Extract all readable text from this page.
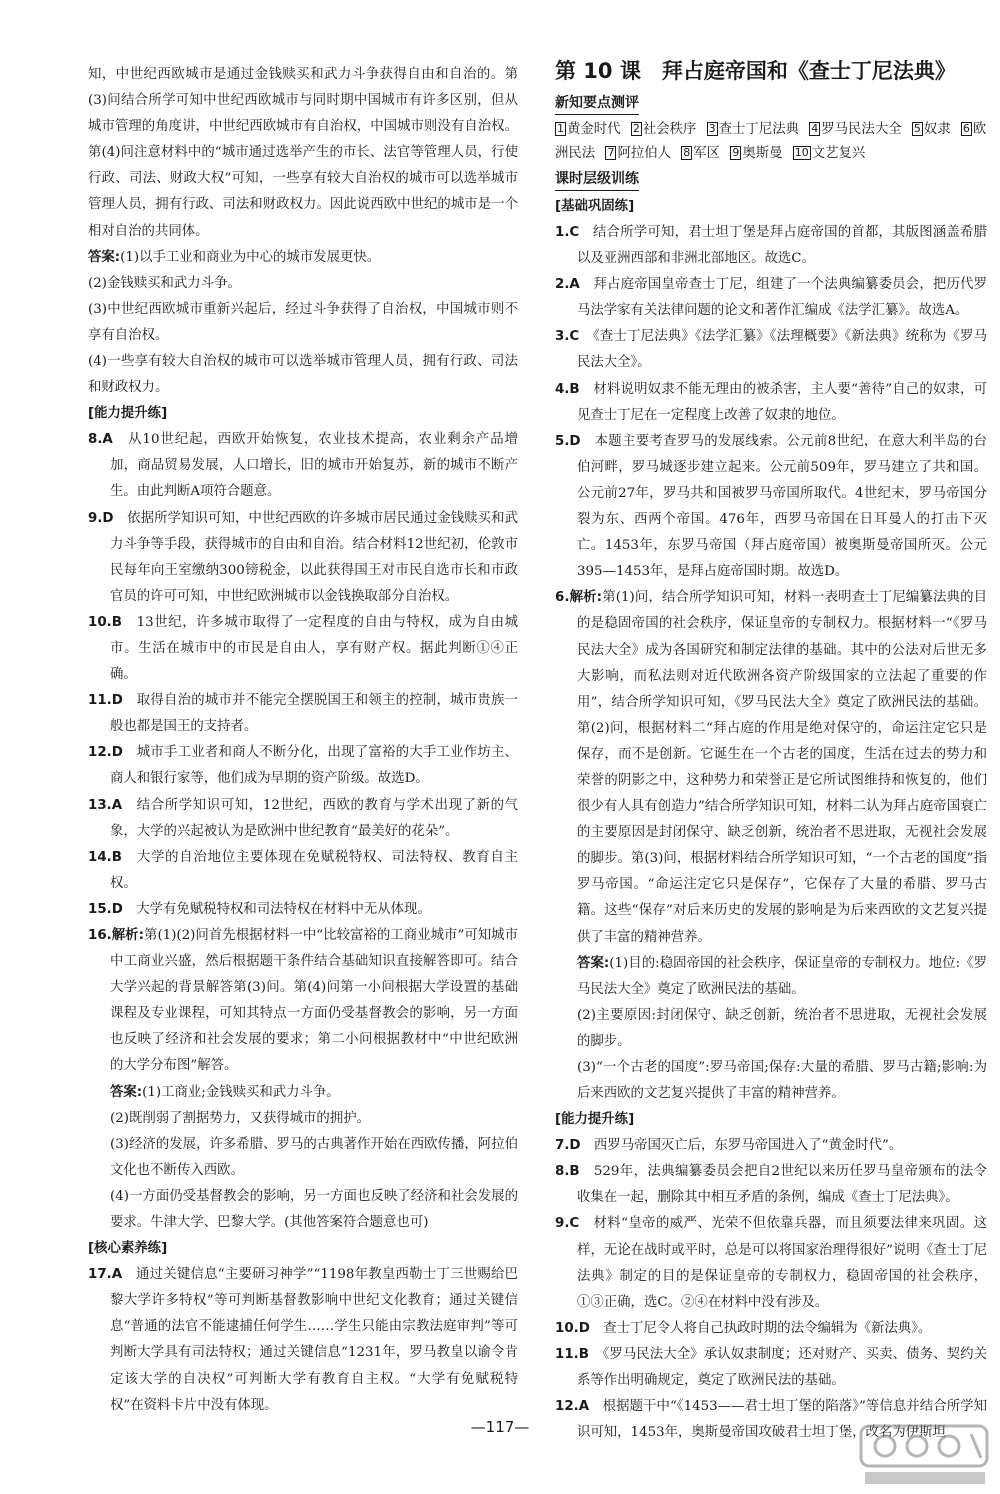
知，中世纪西欧城市是通过金钱赎买和武力斗争获得自由和自治的。第(3)问结合所学可知中世纪西欧城市与同时期中国城市有许多区别，但从城市管理的角度讲，中世纪西欧城市有自治权，中国城市则没有自治权。第(4)问注意材料中的“城市通过选举产生的市长、法官等管理人员，行使行政、司法、财政大权”可知，一些享有较大自治权的城市可以选举城市管理人员，拥有行政、司法和财政权力。因此说西欧中世纪的城市是一个相对自治的共同体。

答案:(1)以手工业和商业为中心的城市发展更快。

(2)金钱赎买和武力斗争。

(3)中世纪西欧城市重新兴起后，经过斗争获得了自治权，中国城市则不享有自治权。

(4)一些享有较大自治权的城市可以选举城市管理人员，拥有行政、司法和财政权力。

[能力提升练]

8.A　 从10世纪起，西欧开始恢复，农业技术提高，农业剩余产品增加，商品贸易发展，人口增长，旧的城市开始复苏，新的城市不断产生。由此判断A项符合题意。

9.D　 依据所学知识可知，中世纪西欧的许多城市居民通过金钱赎买和武力斗争等手段，获得城市的自由和自治。结合材料12世纪初，伦敦市民每年向王室缴纳300镑税金，以此获得国王对市民自选市长和市政官员的许可可知，中世纪欧洲城市以金钱换取部分自治权。

10.B　 13世纪，许多城市取得了一定程度的自由与特权，成为自由城市。生活在城市中的市民是自由人，享有财产权。据此判断①④正确。

11.D　 取得自治的城市并不能完全摆脱国王和领主的控制，城市贵族一般也都是国王的支持者。

12.D　 城市手工业者和商人不断分化，出现了富裕的大手工业作坊主、商人和银行家等，他们成为早期的资产阶级。故选D。

13.A　 结合所学知识可知，12世纪，西欧的教育与学术出现了新的气象，大学的兴起被认为是欧洲中世纪教育“最美好的花朵”。

14.B　 大学的自治地位主要体现在免赋税特权、司法特权、教育自主权。

15.D　 大学有免赋税特权和司法特权在材料中无从体现。

16.解析:第(1)(2)问首先根据材料一中“比较富裕的工商业城市”可知城市中工商业兴盛，然后根据题干条件结合基础知识直接解答即可。结合大学兴起的背景解答第(3)问。第(4)问第一小问根据大学设置的基础课程及专业课程，可知其特点一方面仍受基督教会的影响，另一方面也反映了经济和社会发展的要求；第二小问根据教材中“中世纪欧洲的大学分布图”解答。

答案:(1)工商业;金钱赎买和武力斗争。

(2)既削弱了割据势力，又获得城市的拥护。

(3)经济的发展，许多希腊、罗马的古典著作开始在西欧传播，阿拉伯文化也不断传入西欧。

(4)一方面仍受基督教会的影响，另一方面也反映了经济和社会发展的要求。牛津大学、巴黎大学。(其他答案符合题意也可)

[核心素养练]

17.A　 通过关键信息“主要研习神学”“1198年教皇西勒士丁三世赐给巴黎大学许多特权”等可判断基督教影响中世纪文化教育；通过关键信息“普通的法官不能逮捕任何学生……学生只能由宗教法庭审判”等可判断大学具有司法特权；通过关键信息“1231年，罗马教皇以谕令肯定该大学的自决权”可判断大学有教育自主权。“大学有免赋税特权”在资料卡片中没有体现。

第 10 课　拜占庭帝国和《查士丁尼法典》
新知要点测评
1 黄金时代 2 社会秩序 3 查士丁尼法典 4 罗马民法大全 5 奴隶 6 欧洲民法 7 阿拉伯人 8 军区 9 奥斯曼 10 文艺复兴
课时层级训练
[基础巩固练]

1.C　 结合所学可知，君士坦丁堡是拜占庭帝国的首都，其版图涵盖希腊以及亚洲西部和非洲北部地区。故选C。

2.A　 拜占庭帝国皇帝查士丁尼，组建了一个法典编纂委员会，把历代罗马法学家有关法律问题的论文和著作汇编成《法学汇纂》。故选A。

3.C　 《查士丁尼法典》《法学汇纂》《法理概要》《新法典》统称为《罗马民法大全》。

4.B　 材料说明奴隶不能无理由的被杀害，主人要“善待”自己的奴隶，可见查士丁尼在一定程度上改善了奴隶的地位。

5.D　 本题主要考查罗马的发展线索。公元前8世纪，在意大利半岛的台伯河畔，罗马城逐步建立起来。公元前509年，罗马建立了共和国。公元前27年，罗马共和国被罗马帝国所取代。4世纪末，罗马帝国分裂为东、西两个帝国。476年，西罗马帝国在日耳曼人的打击下灭亡。1453年，东罗马帝国（拜占庭帝国）被奥斯曼帝国所灭。公元395—1453年，是拜占庭帝国时期。故选D。

6.解析:第(1)问，结合所学知识可知，材料一表明查士丁尼编纂法典的目的是稳固帝国的社会秩序，保证皇帝的专制权力。根据材料一“《罗马民法大全》成为各国研究和制定法律的基础。其中的公法对后世无多大影响，而私法则对近代欧洲各资产阶级国家的立法起了重要的作用”，结合所学知识可知，《罗马民法大全》奠定了欧洲民法的基础。第(2)问，根据材料二“拜占庭的作用是绝对保守的，命运注定它只是保存，而不是创新。它诞生在一个古老的国度，生活在过去的势力和荣誉的阴影之中，这种势力和荣誉正是它所试图维持和恢复的，他们很少有人具有创造力”结合所学知识可知，材料二认为拜占庭帝国衰亡的主要原因是封闭保守、缺乏创新，统治者不思进取，无视社会发展的脚步。第(3)问，根据材料结合所学知识可知，“一个古老的国度”指罗马帝国。“命运注定它只是保存”，它保存了大量的希腊、罗马古籍。这些“保存”对后来历史的发展的影响是为后来西欧的文艺复兴提供了丰富的精神营养。

答案:(1)目的:稳固帝国的社会秩序，保证皇帝的专制权力。地位:《罗马民法大全》奠定了欧洲民法的基础。

(2)主要原因:封闭保守、缺乏创新，统治者不思进取，无视社会发展的脚步。

(3)“一个古老的国度”:罗马帝国;保存:大量的希腊、罗马古籍;影响:为后来西欧的文艺复兴提供了丰富的精神营养。

[能力提升练]

7.D　 西罗马帝国灭亡后，东罗马帝国进入了“黄金时代”。

8.B　 529年，法典编纂委员会把自2世纪以来历任罗马皇帝颁布的法令收集在一起，删除其中相互矛盾的条例，编成《查士丁尼法典》。

9.C　 材料“皇帝的威严、光荣不但依靠兵器，而且须要法律来巩固。这样，无论在战时或平时，总是可以将国家治理得很好”说明《查士丁尼法典》制定的目的是保证皇帝的专制权力，稳固帝国的社会秩序，①③正确，选C。②④在材料中没有涉及。

10.D　 查士丁尼令人将自己执政时期的法令编辑为《新法典》。

11.B　 《罗马民法大全》承认奴隶制度；还对财产、买卖、债务、契约关系等作出明确规定，奠定了欧洲民法的基础。

12.A　 根据题干中“《1453——君士坦丁堡的陷落》”等信息并结合所学知识可知，1453年，奥斯曼帝国攻破君士坦丁堡，改名为伊斯坦

—117—
